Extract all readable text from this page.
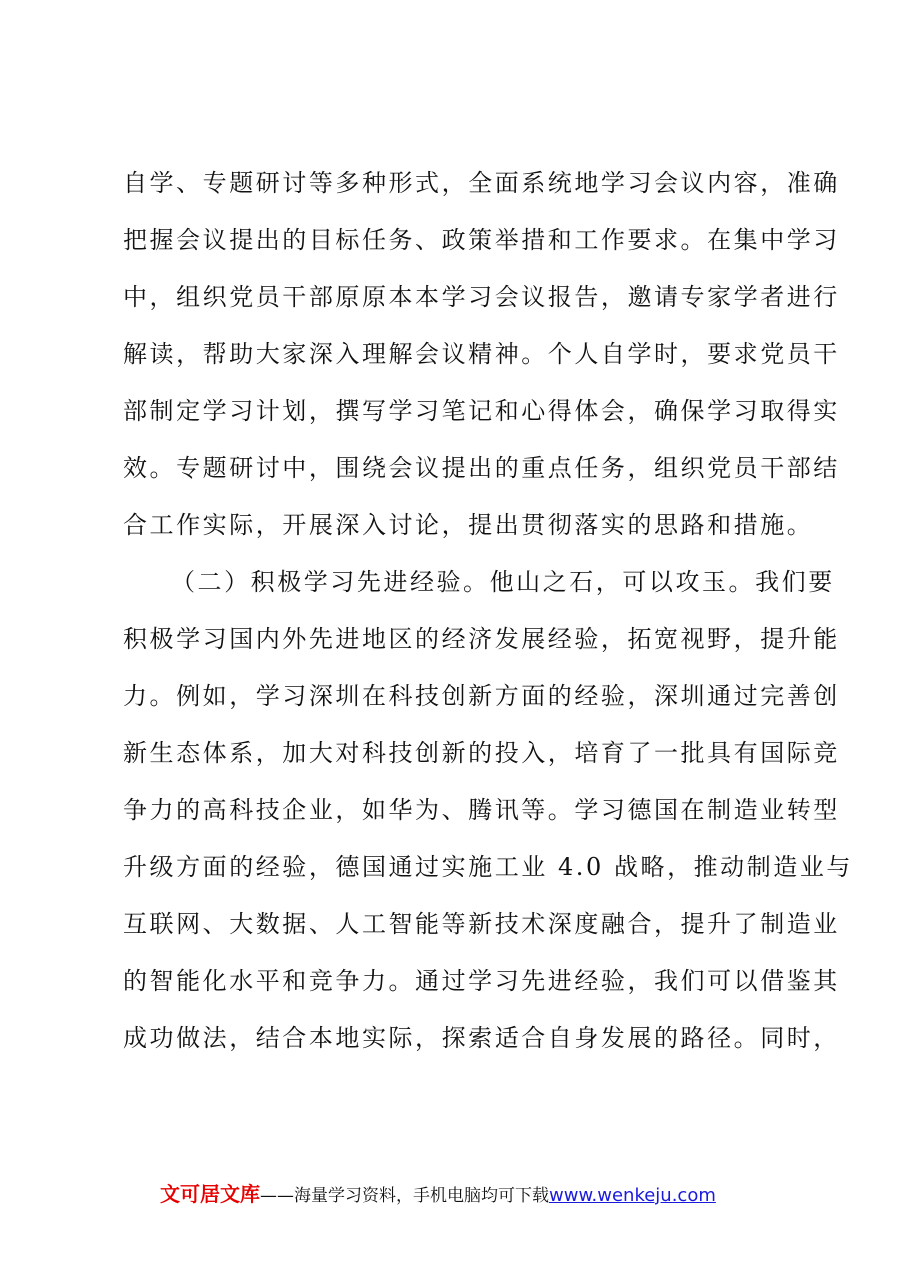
自学、专题研讨等多种形式，全面系统地学习会议内容，准确
把握会议提出的目标任务、政策举措和工作要求。在集中学习
中，组织党员干部原原本本学习会议报告，邀请专家学者进行
解读，帮助大家深入理解会议精神。个人自学时，要求党员干
部制定学习计划，撰写学习笔记和心得体会，确保学习取得实
效。专题研讨中，围绕会议提出的重点任务，组织党员干部结
合工作实际，开展深入讨论，提出贯彻落实的思路和措施。
（二）积极学习先进经验。他山之石，可以攻玉。我们要
积极学习国内外先进地区的经济发展经验，拓宽视野，提升能
力。例如，学习深圳在科技创新方面的经验，深圳通过完善创
新生态体系，加大对科技创新的投入，培育了一批具有国际竞
争力的高科技企业，如华为、腾讯等。学习德国在制造业转型
升级方面的经验，德国通过实施工业 4.0 战略，推动制造业与
互联网、大数据、人工智能等新技术深度融合，提升了制造业
的智能化水平和竞争力。通过学习先进经验，我们可以借鉴其
成功做法，结合本地实际，探索适合自身发展的路径。同时，
文可居文库——海量学习资料，手机电脑均可下载www.wenkeju.com
